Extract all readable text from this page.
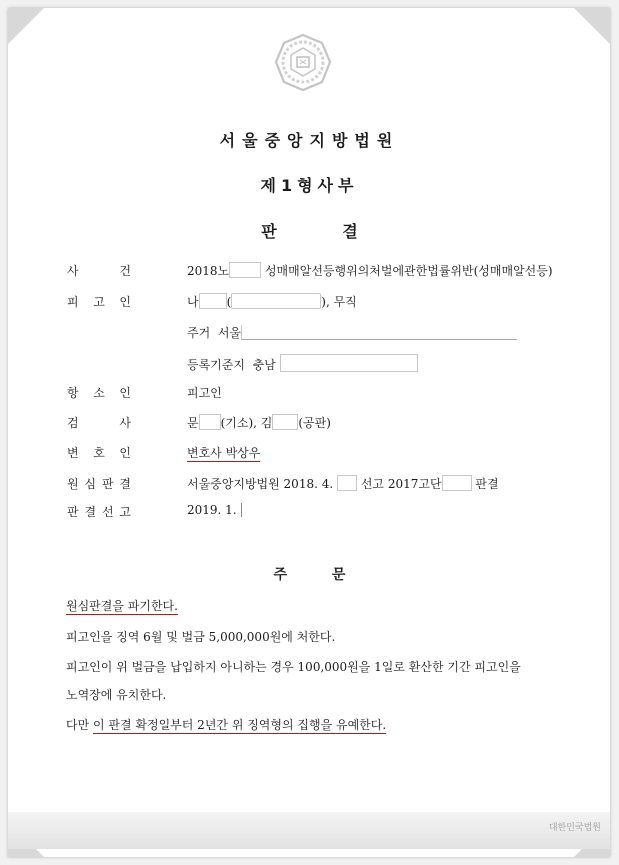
서울중앙지방법원
제1형사부
판 결
사	건	2018노	성매매알선등행위의처벌에관한법률위반(성매매알선등)
피 고 인	나 (	), 무직
주거 서울
등록기준지 충남
항 소 인	피고인
검	사	문 (기소), 김 (공판)
변 호 인	변호사 박상우
원 심 판 결	서울중앙지방법원 2018. 4.  선고 2017고단	판결
판 결 선 고	2019. 1.
주 문
원심판결을 파기한다.
피고인을 징역 6월 및 벌금 5,000,000원에 처한다.
피고인이 위 벌금을 납입하지 아니하는 경우 100,000원을 1일로 환산한 기간 피고인을
노역장에 유치한다.
다만 이 판결 확정일부터 2년간 위 징역형의 집행을 유예한다.
대한민국법원
